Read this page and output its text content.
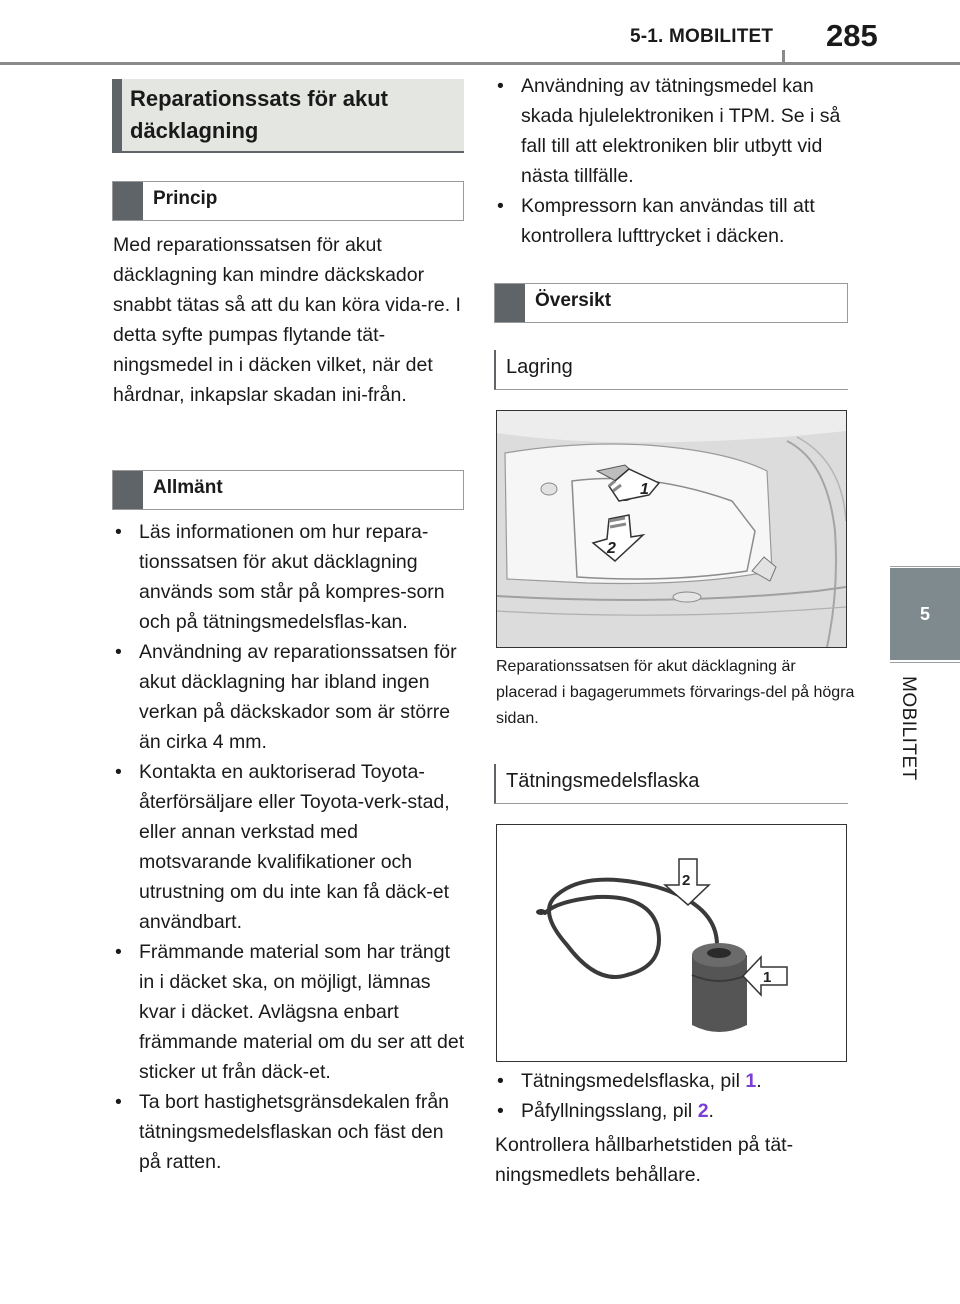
5-1. MOBILITET 285
5
MOBILITET
Reparationssats för akut däcklagning
Princip

Med reparationssatsen för akut däcklagning kan mindre däckskador snabbt tätas så att du kan köra vida-re. I detta syfte pumpas flytande tät-ningsmedel in i däcken vilket, när det hårdnar, inkapslar skadan ini-från.

Allmänt
• Läs informationen om hur repara-tionssatsen för akut däcklagning används som står på kompres-sorn och på tätningsmedelsflas-kan.
• Användning av reparationssatsen för akut däcklagning har ibland ingen verkan på däckskador som är större än cirka 4 mm.
• Kontakta en auktoriserad Toyota-återförsäljare eller Toyota-verk-stad, eller annan verkstad med motsvarande kvalifikationer och utrustning om du inte kan få däck-et användbart.
• Främmande material som har trängt in i däcket ska, on möjligt, lämnas kvar i däcket. Avlägsna enbart främmande material om du ser att det sticker ut från däck-et.
• Ta bort hastighetsgränsdekalen från tätningsmedelsflaskan och fäst den på ratten.
• Användning av tätningsmedel kan skada hjulelektroniken i TPM. Se i så fall till att elektroniken blir utbytt vid nästa tillfälle.
• Kompressorn kan användas till att kontrollera lufttrycket i däcken.
Översikt
Lagring
1
2
Reparationssatsen för akut däcklagning är placerad i bagagerummets förvarings-del på högra sidan.
Tätningsmedelsflaska
2
1
• Tätningsmedelsflaska, pil 1.
• Påfyllningsslang, pil 2.

Kontrollera hållbarhetstiden på tät-ningsmedlets behållare.
